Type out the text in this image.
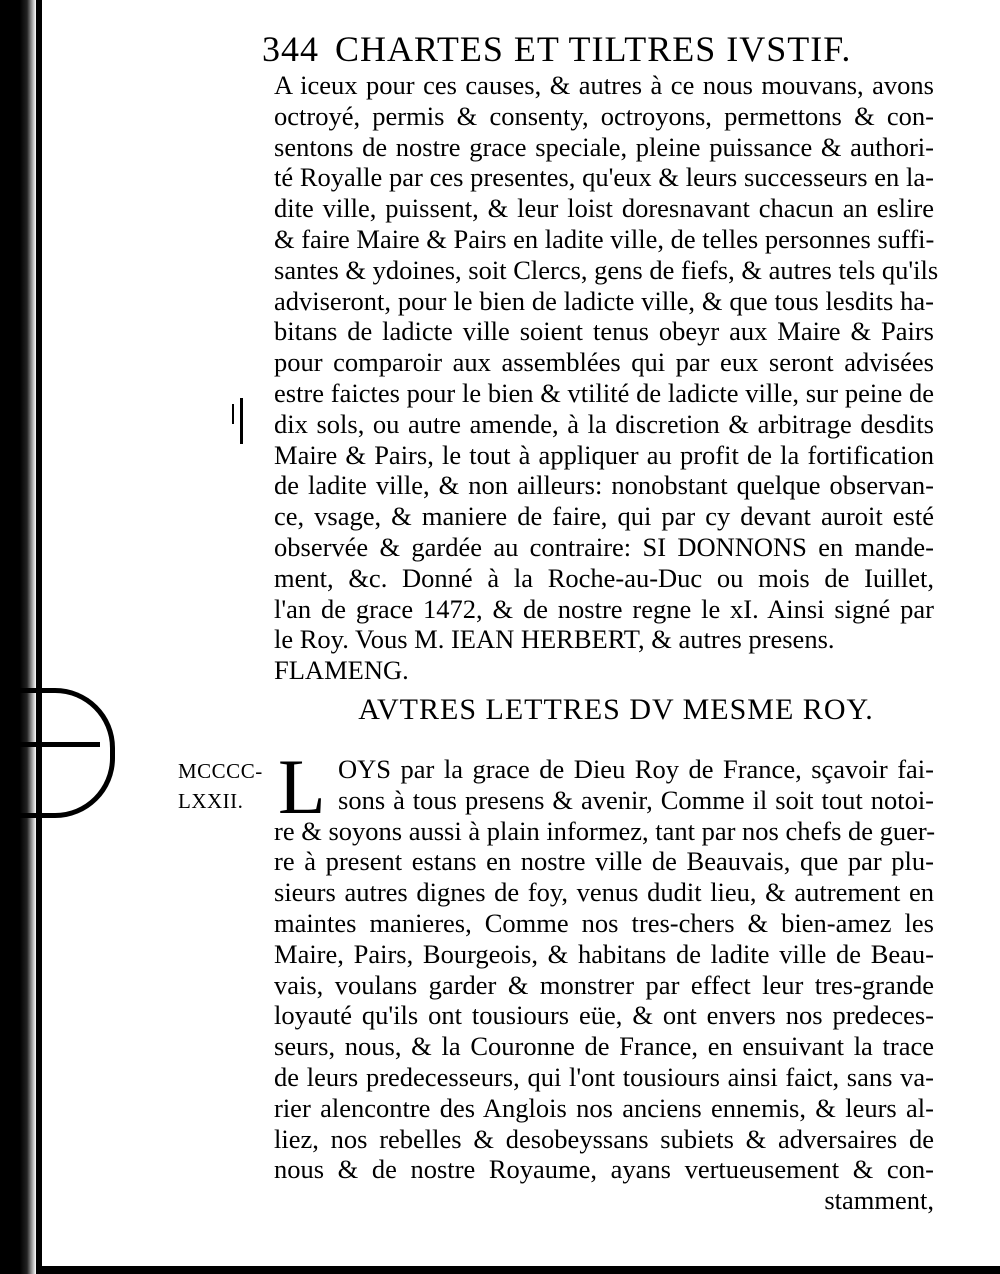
344 CHARTES ET TILTRES IVSTIF.
A iceux pour ces causes, & autres à ce nous mouvans, avons
octroyé, permis & consenty, octroyons, permettons & con-
sentons de nostre grace speciale, pleine puissance & authori-
té Royalle par ces presentes, qu'eux & leurs successeurs en la-
dite ville, puissent, & leur loist doresnavant chacun an eslire
& faire Maire & Pairs en ladite ville, de telles personnes suffi-
santes & ydoines, soit Clercs, gens de fiefs, & autres tels qu'ils
adviseront, pour le bien de ladicte ville, & que tous lesdits ha-
bitans de ladicte ville soient tenus obeyr aux Maire & Pairs
pour comparoir aux assemblées qui par eux seront advisées
estre faictes pour le bien & vtilité de ladicte ville, sur peine de
dix sols, ou autre amende, à la discretion & arbitrage desdits
Maire & Pairs, le tout à appliquer au profit de la fortification
de ladite ville, & non ailleurs: nonobstant quelque observan-
ce, vsage, & maniere de faire, qui par cy devant auroit esté
observée & gardée au contraire: SI DONNONS en mande-
ment, &c. Donné à la Roche-au-Duc ou mois de Iuillet,
l'an de grace 1472, & de nostre regne le xI. Ainsi signé par
le Roy. Vous M. IEAN HERBERT, & autres presens.
FLAMENG.
AVTRES LETTRES DV MESME ROY.
MCCCC-
LXXII. L OYS par la grace de Dieu Roy de France, sçavoir fai-
sons à tous presens & avenir, Comme il soit tout notoi-
re & soyons aussi à plain informez, tant par nos chefs de guer-
re à present estans en nostre ville de Beauvais, que par plu-
sieurs autres dignes de foy, venus dudit lieu, & autrement en
maintes manieres, Comme nos tres-chers & bien-amez les
Maire, Pairs, Bourgeois, & habitans de ladite ville de Beau-
vais, voulans garder & monstrer par effect leur tres-grande
loyauté qu'ils ont tousiours eüe, & ont envers nos predeces-
seurs, nous, & la Couronne de France, en ensuivant la trace
de leurs predecesseurs, qui l'ont tousiours ainsi faict, sans va-
rier alencontre des Anglois nos anciens ennemis, & leurs al-
liez, nos rebelles & desobeyssans subiets & adversaires de
nous & de nostre Royaume, ayans vertueusement & con-
stamment,
